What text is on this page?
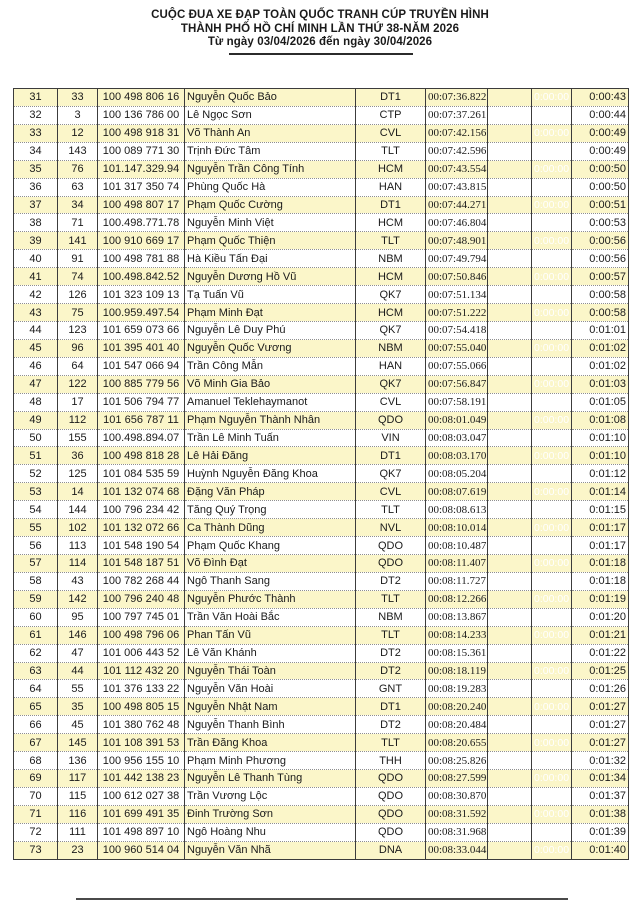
CUỘC ĐUA XE ĐẠP TOÀN QUỐC TRANH CÚP TRUYỀN HÌNH
THÀNH PHỐ HỒ CHÍ MINH LẦN THỨ 38-NĂM 2026
Từ ngày 03/04/2026 đến ngày 30/04/2026
31	33	100 498 806 16	Nguyễn Quốc Bảo	DT1	00:07:36.822		0:00:00	0:00:43
32	3	100 136 786 00	Lê Ngọc Sơn	CTP	00:07:37.261		0:00:00	0:00:44
33	12	100 498 918 31	Võ Thành An	CVL	00:07:42.156		0:00:00	0:00:49
34	143	100 089 771 30	Trịnh Đức Tâm	TLT	00:07:42.596		0:00:00	0:00:49
35	76	101.147.329.94	Nguyễn Trần Công Tính	HCM	00:07:43.554		0:00:00	0:00:50
36	63	101 317 350 74	Phùng Quốc Hà	HAN	00:07:43.815		0:00:00	0:00:50
37	34	100 498 807 17	Phạm Quốc Cường	DT1	00:07:44.271		0:00:00	0:00:51
38	71	100.498.771.78	Nguyễn Minh Việt	HCM	00:07:46.804		0:00:00	0:00:53
39	141	100 910 669 17	Phạm Quốc Thiện	TLT	00:07:48.901		0:00:00	0:00:56
40	91	100 498 781 88	Hà Kiều Tấn Đại	NBM	00:07:49.794		0:00:00	0:00:56
41	74	100.498.842.52	Nguyễn Dương Hồ Vũ	HCM	00:07:50.846		0:00:00	0:00:57
42	126	101 323 109 13	Tạ Tuấn Vũ	QK7	00:07:51.134		0:00:00	0:00:58
43	75	100.959.497.54	Phạm Minh Đạt	HCM	00:07:51.222		0:00:00	0:00:58
44	123	101 659 073 66	Nguyễn Lê Duy Phú	QK7	00:07:54.418		0:00:00	0:01:01
45	96	101 395 401 40	Nguyễn Quốc Vương	NBM	00:07:55.040		0:00:00	0:01:02
46	64	101 547 066 94	Trần Công Mẫn	HAN	00:07:55.066		0:00:00	0:01:02
47	122	100 885 779 56	Võ Minh Gia Bảo	QK7	00:07:56.847		0:00:00	0:01:03
48	17	101 506 794 77	Amanuel Teklehaymanot	CVL	00:07:58.191		0:00:00	0:01:05
49	112	101 656 787 11	Phạm Nguyễn Thành Nhân	QDO	00:08:01.049		0:00:00	0:01:08
50	155	100.498.894.07	Trần Lê Minh Tuấn	VIN	00:08:03.047		0:00:00	0:01:10
51	36	100 498 818 28	Lê Hải Đăng	DT1	00:08:03.170		0:00:00	0:01:10
52	125	101 084 535 59	Huỳnh Nguyễn Đăng Khoa	QK7	00:08:05.204		0:00:00	0:01:12
53	14	101 132 074 68	Đặng Văn Pháp	CVL	00:08:07.619		0:00:00	0:01:14
54	144	100 796 234 42	Tăng Quý Trọng	TLT	00:08:08.613		0:00:00	0:01:15
55	102	101 132 072 66	Ca Thành Dũng	NVL	00:08:10.014		0:00:00	0:01:17
56	113	101 548 190 54	Phạm Quốc Khang	QDO	00:08:10.487		0:00:00	0:01:17
57	114	101 548 187 51	Võ Đình Đạt	QDO	00:08:11.407		0:00:00	0:01:18
58	43	100 782 268 44	Ngô Thanh Sang	DT2	00:08:11.727		0:00:00	0:01:18
59	142	100 796 240 48	Nguyễn Phước Thành	TLT	00:08:12.266		0:00:00	0:01:19
60	95	100 797 745 01	Trần Văn Hoài Bắc	NBM	00:08:13.867		0:00:00	0:01:20
61	146	100 498 796 06	Phan Tấn Vũ	TLT	00:08:14.233		0:00:00	0:01:21
62	47	101 006 443 52	Lê Văn Khánh	DT2	00:08:15.361		0:00:00	0:01:22
63	44	101 112 432 20	Nguyễn Thái Toàn	DT2	00:08:18.119		0:00:00	0:01:25
64	55	101 376 133 22	Nguyễn Văn Hoài	GNT	00:08:19.283		0:00:00	0:01:26
65	35	100 498 805 15	Nguyễn Nhật Nam	DT1	00:08:20.240		0:00:00	0:01:27
66	45	101 380 762 48	Nguyễn Thanh Bình	DT2	00:08:20.484		0:00:00	0:01:27
67	145	101 108 391 53	Trần Đăng Khoa	TLT	00:08:20.655		0:00:00	0:01:27
68	136	100 956 155 10	Phạm Minh Phương	THH	00:08:25.826		0:00:00	0:01:32
69	117	101 442 138 23	Nguyễn Lê Thanh Tùng	QDO	00:08:27.599		0:00:00	0:01:34
70	115	100 612 027 38	Trần Vương Lộc	QDO	00:08:30.870		0:00:00	0:01:37
71	116	101 699 491 35	Đinh Trường Sơn	QDO	00:08:31.592		0:00:00	0:01:38
72	111	101 498 897 10	Ngô Hoàng Nhu	QDO	00:08:31.968		0:00:00	0:01:39
73	23	100 960 514 04	Nguyễn Văn Nhã	DNA	00:08:33.044		0:00:00	0:01:40
